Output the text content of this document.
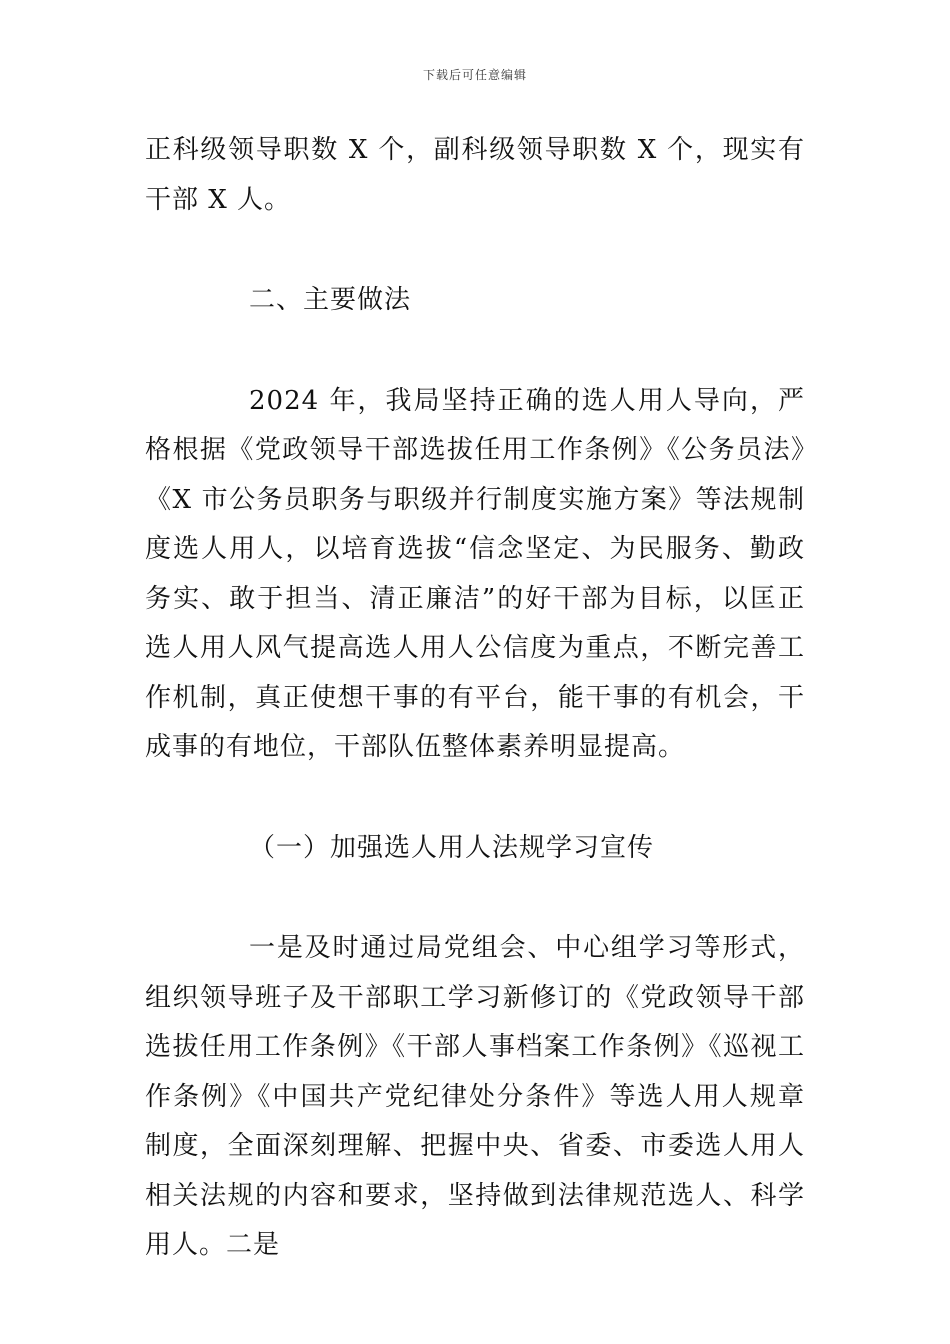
下载后可任意编辑

正科级领导职数 X 个，副科级领导职数 X 个，现实有干部 X 人。

二、主要做法

2024 年，我局坚持正确的选人用人导向，严格根据《党政领导干部选拔任用工作条例》《公务员法》《X 市公务员职务与职级并行制度实施方案》等法规制度选人用人，以培育选拔“信念坚定、为民服务、勤政务实、敢于担当、清正廉洁”的好干部为目标，以匡正选人用人风气提高选人用人公信度为重点，不断完善工作机制，真正使想干事的有平台，能干事的有机会，干成事的有地位，干部队伍整体素养明显提高。

（一）加强选人用人法规学习宣传

一是及时通过局党组会、中心组学习等形式，组织领导班子及干部职工学习新修订的《党政领导干部选拔任用工作条例》《干部人事档案工作条例》《巡视工作条例》《中国共产党纪律处分条件》等选人用人规章制度，全面深刻理解、把握中央、省委、市委选人用人相关法规的内容和要求，坚持做到法律规范选人、科学用人。二是
